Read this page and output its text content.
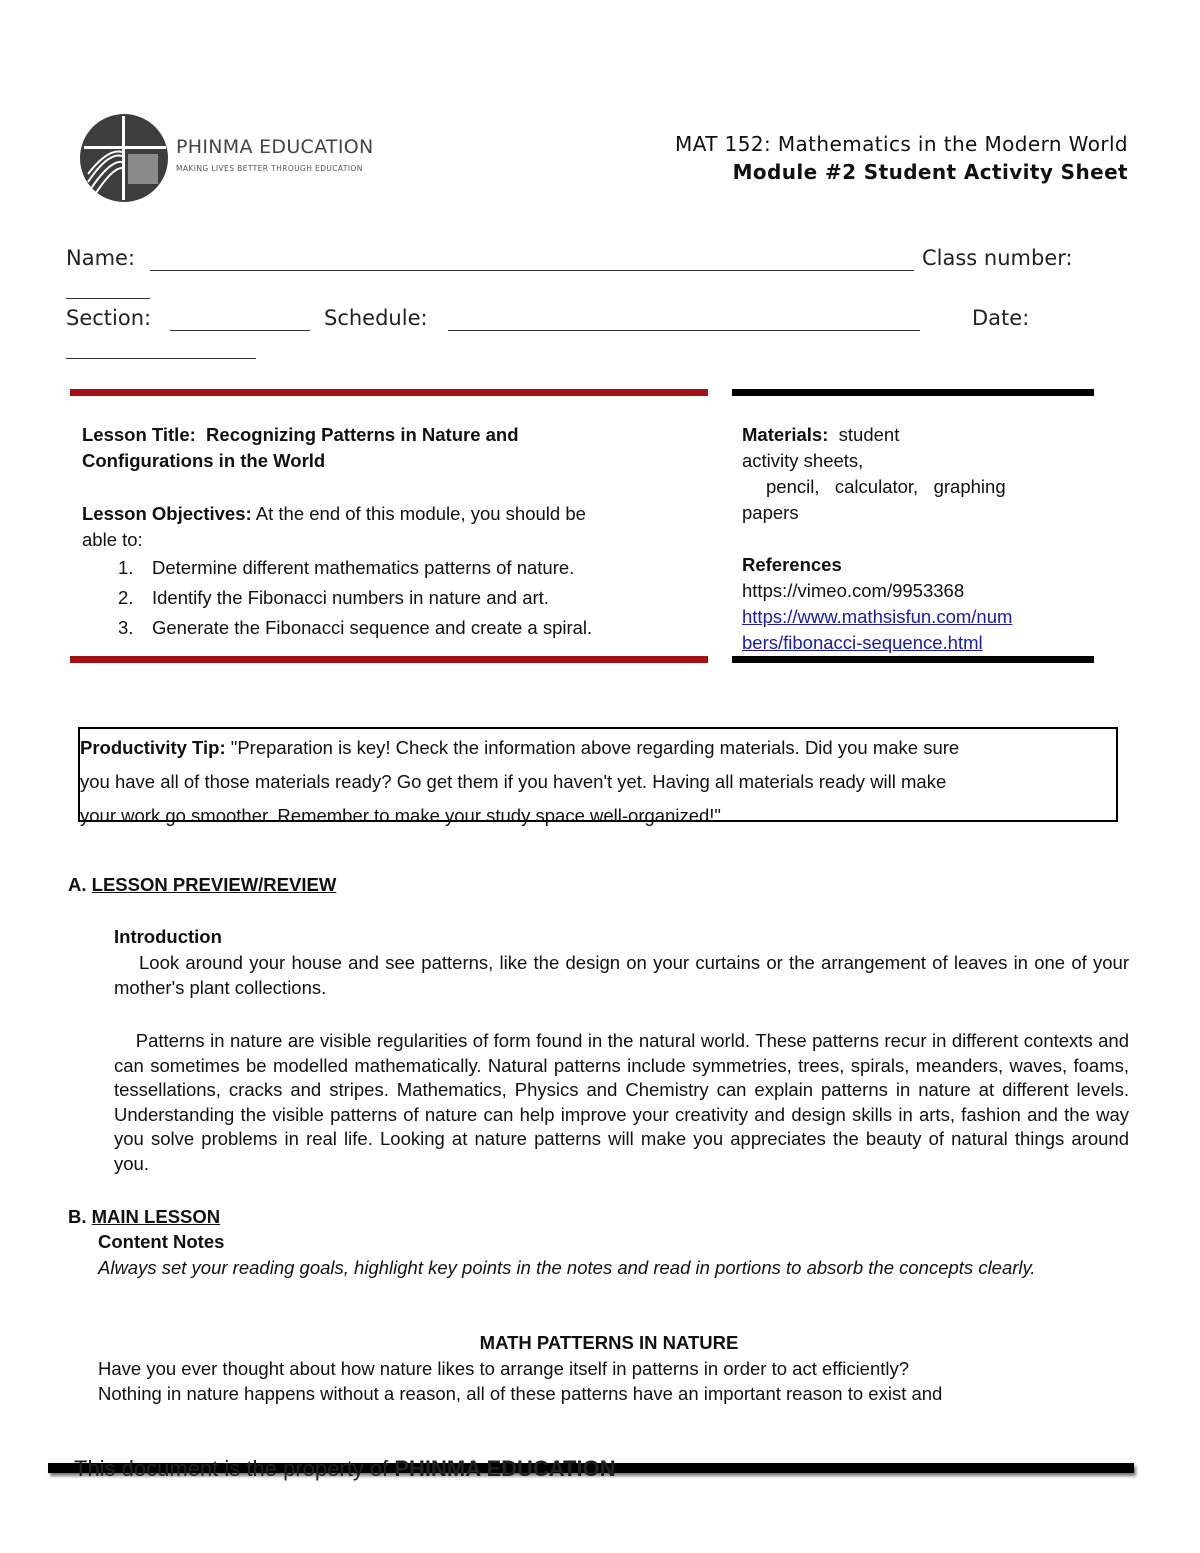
PHINMA EDUCATION
MAKING LIVES BETTER THROUGH EDUCATION
MAT 152: Mathematics in the Modern World
Module #2 Student Activity Sheet
Name:	Class number:
Section:	Schedule:	Date:
Lesson Title: Recognizing Patterns in Nature and
Configurations in the World
Lesson Objectives: At the end of this module, you should be
able to:
1. Determine different mathematics patterns of nature.
2. Identify the Fibonacci numbers in nature and art.
3. Generate the Fibonacci sequence and create a spiral.
Materials: student
activity sheets,
pencil,   calculator,   graphing
papers
References
https://vimeo.com/9953368
https://www.mathsisfun.com/num
bers/fibonacci-sequence.html
Productivity Tip: "Preparation is key! Check the information above regarding materials. Did you make sure
you have all of those materials ready? Go get them if you haven't yet. Having all materials ready will make
your work go smoother. Remember to make your study space well-organized!"
A. LESSON PREVIEW/REVIEW
Introduction
Look around your house and see patterns, like the design on your curtains or the arrangement of leaves in one of your mother's plant collections.
Patterns in nature are visible regularities of form found in the natural world. These patterns recur in different contexts and can sometimes be modelled mathematically. Natural patterns include symmetries, trees, spirals, meanders, waves, foams, tessellations, cracks and stripes. Mathematics, Physics and Chemistry can explain patterns in nature at different levels. Understanding the visible patterns of nature can help improve your creativity and design skills in arts, fashion and the way you solve problems in real life. Looking at nature patterns will make you appreciates the beauty of natural things around you.
B. MAIN LESSON
Content Notes
Always set your reading goals, highlight key points in the notes and read in portions to absorb the concepts clearly.
MATH PATTERNS IN NATURE
Have you ever thought about how nature likes to arrange itself in patterns in order to act efficiently?
Nothing in nature happens without a reason, all of these patterns have an important reason to exist and
This document is the property of PHINMA EDUCATION
